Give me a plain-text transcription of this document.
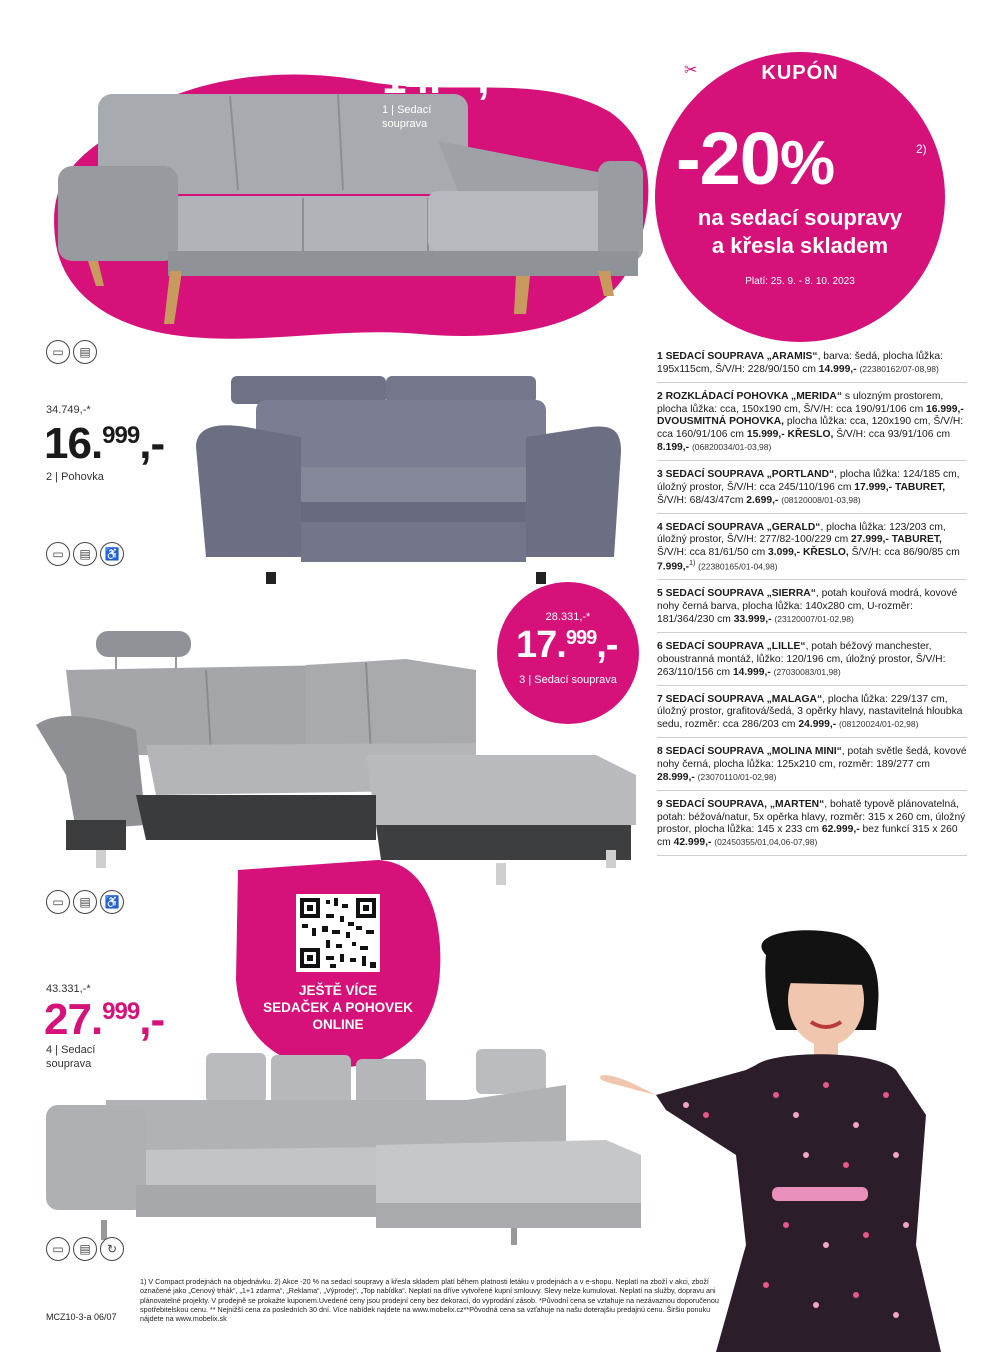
KUPÓN
✂
-20%	2)
na sedací soupravy
a křesla skladem
Platí: 25. 9. - 8. 10. 2023
14.999,-
1 | Sedací
souprava
▭	▤
34.749,-*
16.999,-
2 | Pohovka
▭	▤	♿
28.331,-*
17.999,-
3 | Sedací souprava
▭	▤	♿
JEŠTĚ VÍCE
SEDAČEK A POHOVEK
ONLINE
43.331,-*
27.999,-
4 | Sedací
souprava
▭	▤	↻
1 SEDACÍ SOUPRAVA „ARAMIS“, barva: šedá, plocha lůžka: 195x115cm, Š/V/H: 228/90/150 cm 14.999,- (22380162/07-08,98)
2 ROZKLÁDACÍ POHOVKA „MERIDA“ s ulozným prostorem, plocha lůžka: cca, 150x190 cm, Š/V/H: cca 190/91/106 cm 16.999,- DVOUSMITNÁ POHOVKA, plocha lůžka: cca, 120x190 cm, Š/V/H: cca 160/91/106 cm 15.999,- KŘESLO, Š/V/H: cca 93/91/106 cm 8.199,- (06820034/01-03,98)
3 SEDACÍ SOUPRAVA „PORTLAND“, plocha lůžka: 124/185 cm, úložný prostor, Š/V/H: cca 245/110/196 cm 17.999,- TABURET, Š/V/H: 68/43/47cm 2.699,- (08120008/01-03,98)
4 SEDACÍ SOUPRAVA „GERALD“, plocha lůžka: 123/203 cm, úložný prostor, Š/V/H: 277/82-100/229 cm 27.999,- TABURET, Š/V/H: cca 81/61/50 cm 3.099,- KŘESLO, Š/V/H: cca 86/90/85 cm 7.999,-$^{1)}$ (22380165/01-04,98)
5 SEDACÍ SOUPRAVA „SIERRA“, potah kouřová modrá, kovové nohy černá barva, plocha lůžka: 140x280 cm, U-rozměr: 181/364/230 cm 33.999,- (23120007/01-02,98)
6 SEDACÍ SOUPRAVA „LILLE“, potah béžový manchester, oboustranná montáž, lůžko: 120/196 cm, úložný prostor, Š/V/H: 263/110/156 cm 14.999,- (27030083/01,98)
7 SEDACÍ SOUPRAVA „MALAGA“, plocha lůžka: 229/137 cm, úložný prostor, grafitová/šedá, 3 opěrky hlavy, nastavitelná hloubka sedu, rozměr: cca 286/203 cm 24.999,- (08120024/01-02,98)
8 SEDACÍ SOUPRAVA „MOLINA MINI“, potah světle šedá, kovové nohy černá, plocha lůžka: 125x210 cm, rozměr: 189/277 cm 28.999,- (23070110/01-02,98)
9 SEDACÍ SOUPRAVA, „MARTEN“, bohatě typově plánovatelná, potah: béžová/natur, 5x opěrka hlavy, rozměr: 315 x 260 cm, úložný prostor, plocha lůžka: 145 x 233 cm 62.999,- bez funkcí 315 x 260 cm 42.999,- (02450355/01,04,06-07,98)
1) V Compact prodejnách na objednávku. 2) Akce -20 % na sedací soupravy a křesla skladem platí během platnosti letáku v prodejnách a v e-shopu. Neplatí na zboží v akci, zboží označené jako „Cenový trhák“, „1+1 zdarma“, „Reklama“, „Výprodej“, „Top nabídka“. Neplatí na dříve vytvořené kupní smlouvy. Slevy nelze kumulovat. Neplatí na služby, dopravu ani plánovatelné projekty. V prodejně se prokažte kuponem.Uvedené ceny jsou prodejní ceny bez dekorací, do vyprodání zásob. *Původní cena se vztahuje na nezávaznou doporučenou spotřebitelskou cenu. ** Nejnižší cena za posledních 30 dní. Více nabídek najdete na www.mobelix.cz**Pôvodná cena sa vzťahuje na našu doterajšiu predajnú cenu. Širšiu ponuku nájdete na www.mobelix.sk
MCZ10-3-a 06/07
